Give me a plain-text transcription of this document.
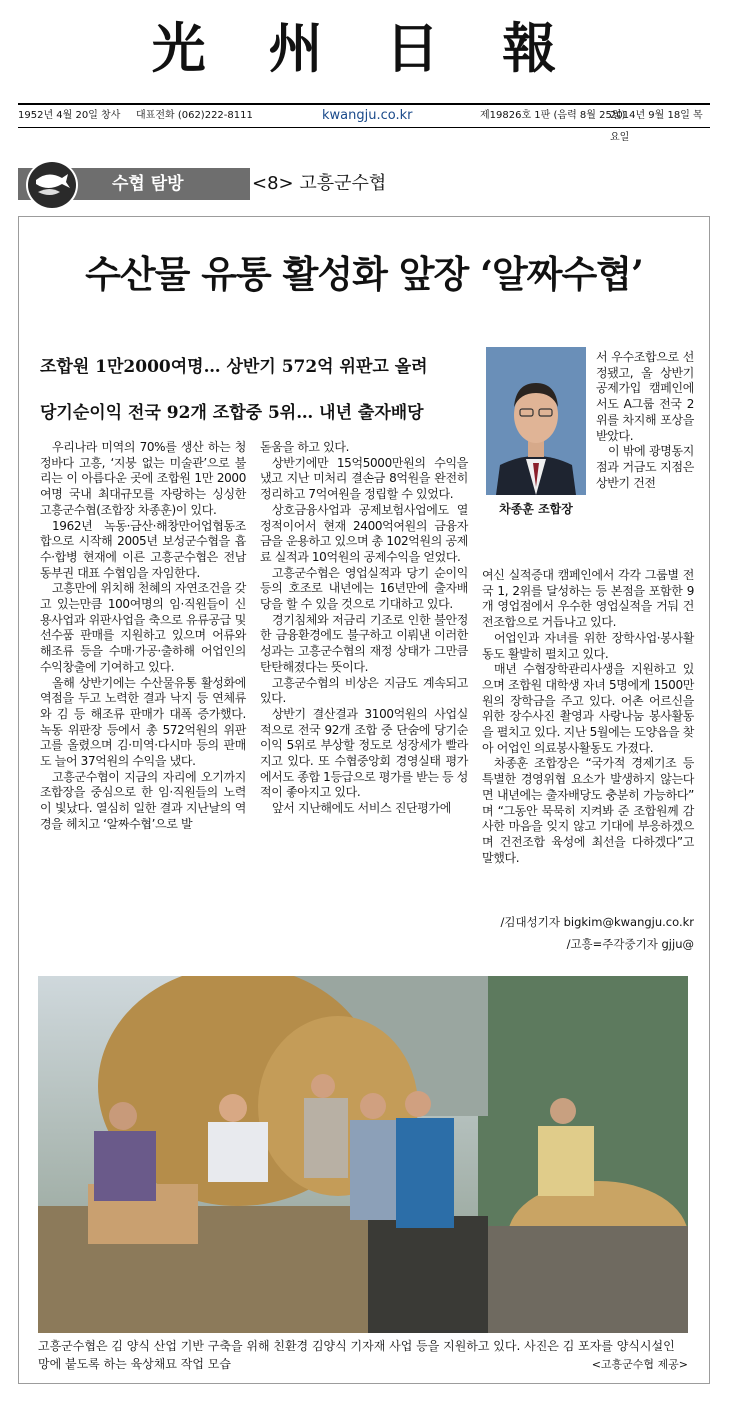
光 州 日 報
1952년 4월 20일 창사 대표전화 (062)222-8111	kwangju.co.kr	제19826호 1판 (음력 8월 25일)
2014년 9월 18일 목요일
수협 탐방	<8> 고흥군수협
수산물 유통 활성화 앞장 ‘알짜수협’
조합원 1만2000여명… 상반기 572억 위판고 올려
당기순이익 전국 92개 조합중 5위… 내년 출자배당

우리나라 미역의 70%를 생산 하는 청정바다 고흥, ‘지붕 없는 미술관’으로 불리는 이 아름다운 곳에 조합원 1만 2000여명 국내 최대규모를 자랑하는 싱싱한 고흥군수협(조합장 차종훈)이 있다.

1962년 녹동·금산·해창만어업협동조합으로 시작해 2005년 보성군수협을 흡수·합병 현재에 이른 고흥군수협은 전남 동부권 대표 수협임을 자임한다.

고흥만에 위치해 천혜의 자연조건을 갖고 있는만큼 100여명의 임·직원들이 신용사업과 위판사업을 축으로 유류공급 및 선수품 판매를 지원하고 있으며 어류와 해조류 등을 수매·가공·출하해 어업인의 수익창출에 기여하고 있다.

올해 상반기에는 수산물유통 활성화에 역점을 두고 노력한 결과 낙지 등 연체류와 김 등 해조류 판매가 대폭 증가했다. 녹동 위판장 등에서 총 572억원의 위판고를 올렸으며 김·미역·다시마 등의 판매도 늘어 37억원의 수익을 냈다.

고흥군수협이 지금의 자리에 오기까지 조합장을 중심으로 한 임·직원들의 노력이 빛났다. 열심히 일한 결과 지난날의 역경을 헤치고 ‘알짜수협’으로 발

돋움을 하고 있다.

상반기에만 15억5000만원의 수익을 냈고 지난 미처리 결손금 8억원을 완전히 정리하고 7억여원을 정립할 수 있었다.

상호금융사업과 공제보험사업에도 열정적이어서 현재 2400억여원의 금융자금을 운용하고 있으며 총 102억원의 공제료 실적과 10억원의 공제수익을 얻었다.

고흥군수협은 영업실적과 당기 순이익 등의 호조로 내년에는 16년만에 출자배당을 할 수 있을 것으로 기대하고 있다.

경기침체와 저금리 기조로 인한 불안정한 금융환경에도 불구하고 이뤄낸 이러한 성과는 고흥군수협의 재정 상태가 그만큼 탄탄해졌다는 뜻이다.

고흥군수협의 비상은 지금도 계속되고 있다.

상반기 결산결과 3100억원의 사업실적으로 전국 92개 조합 중 단숨에 당기순이익 5위로 부상할 정도로 성장세가 빨라지고 있다. 또 수협중앙회 경영실태 평가에서도 종합 1등급으로 평가를 받는 등 성적이 좋아지고 있다.

앞서 지난해에도 서비스 진단평가에

차종훈 조합장

서 우수조합으로 선정됐고, 올 상반기 공제가입 캠페인에서도 A그룹 전국 2위를 차지해 포상을 받았다.

이 밖에 광명동지점과 거금도 지점은 상반기 건전

여신 실적증대 캠페인에서 각각 그룹별 전국 1, 2위를 달성하는 등 본점을 포함한 9개 영업점에서 우수한 영업실적을 거둬 건전조합으로 거듭나고 있다.

어업인과 자녀를 위한 장학사업·봉사활동도 활발히 펼치고 있다.

매년 수협장학관리사생을 지원하고 있으며 조합원 대학생 자녀 5명에게 1500만원의 장학금을 주고 있다. 어촌 어르신을 위한 장수사진 촬영과 사랑나눔 봉사활동을 펼치고 있다. 지난 5월에는 도양읍을 찾아 어업인 의료봉사활동도 가졌다.

차종훈 조합장은 “국가적 경제기조 등 특별한 경영위협 요소가 발생하지 않는다면 내년에는 출자배당도 충분히 가능하다” 며 “그동안 묵묵히 지켜봐 준 조합원께 감사한 마음을 잊지 않고 기대에 부응하겠으며 건전조합 육성에 최선을 다하겠다”고 말했다.

/김대성기자 bigkim@kwangju.co.kr
/고흥=주각중기자 gjju@
고흥군수협은 김 양식 산업 기반 구축을 위해 친환경 김양식 기자재 사업 등을 지원하고 있다. 사진은 김 포자를 양식시설인 망에 붙도록 하는 육상채묘 작업 모습	<고흥군수협 제공>
